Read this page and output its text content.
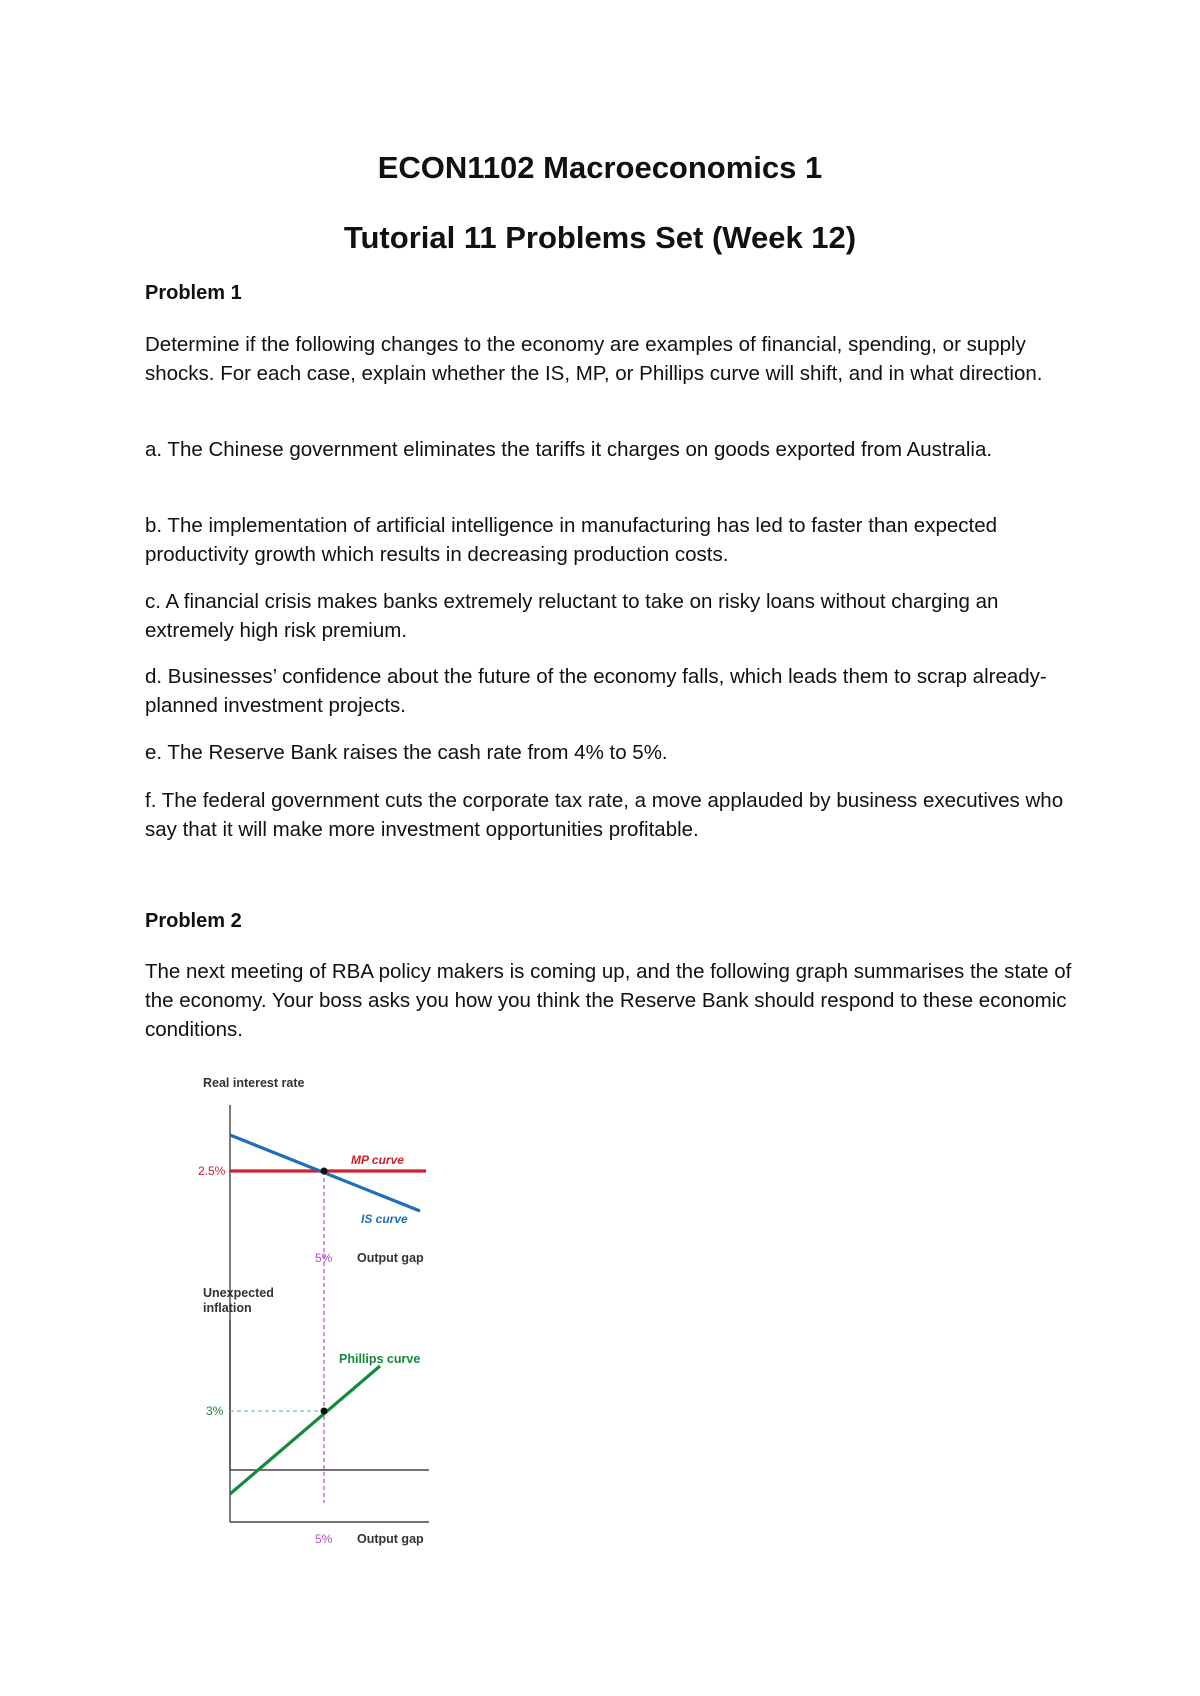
ECON1102 Macroeconomics 1
Tutorial 11 Problems Set (Week 12)
Problem 1

Determine if the following changes to the economy are examples of financial, spending, or supply shocks. For each case, explain whether the IS, MP, or Phillips curve will shift, and in what direction.

a. The Chinese government eliminates the tariffs it charges on goods exported from Australia.

b. The implementation of artificial intelligence in manufacturing has led to faster than expected productivity growth which results in decreasing production costs.

c. A financial crisis makes banks extremely reluctant to take on risky loans without charging an extremely high risk premium.

d. Businesses’ confidence about the future of the economy falls, which leads them to scrap already-planned investment projects.

e. The Reserve Bank raises the cash rate from 4% to 5%.

f. The federal government cuts the corporate tax rate, a move applauded by business executives who say that it will make more investment opportunities profitable.

Problem 2

The next meeting of RBA policy makers is coming up, and the following graph summarises the state of the economy. Your boss asks you how you think the Reserve Bank should respond to these economic conditions.

Real interest rate
2.5%
MP curve
IS curve
5% Output gap
Unexpected
inflation
3%
Phillips curve
5% Output gap
